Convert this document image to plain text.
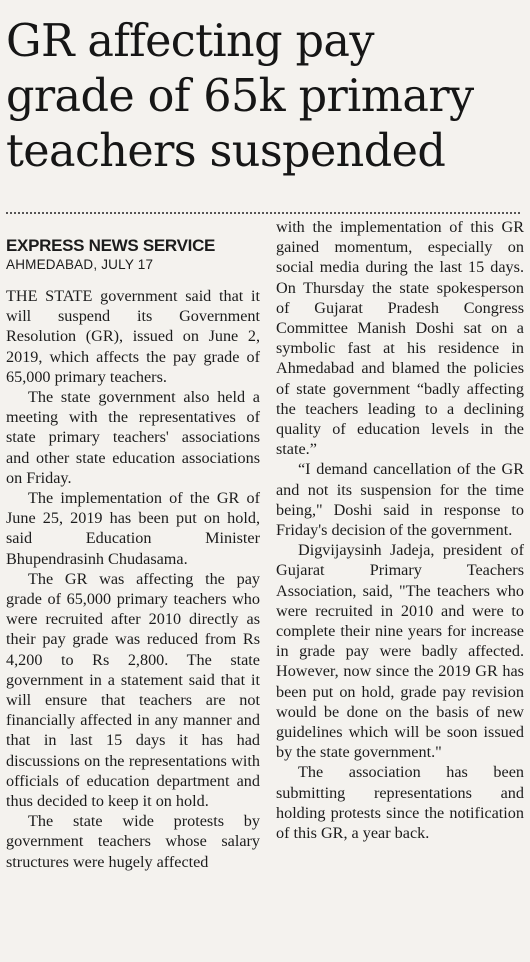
GR affecting pay
grade of 65k primary
teachers suspended
EXPRESS NEWS SERVICE
AHMEDABAD, JULY 17

THE STATE government said that it will suspend its Government Resolution (GR), issued on June 2, 2019, which affects the pay grade of 65,000 primary teachers.

The state government also held a meeting with the representatives of state primary teachers' associations and other state education associations on Friday.

The implementation of the GR of June 25, 2019 has been put on hold, said Education Minister Bhupendrasinh Chudasama.

The GR was affecting the pay grade of 65,000 primary teachers who were recruited after 2010 directly as their pay grade was reduced from Rs 4,200 to Rs 2,800. The state government in a statement said that it will ensure that teachers are not financially affected in any manner and that in last 15 days it has had discussions on the representations with officials of education department and thus decided to keep it on hold.

The state wide protests by government teachers whose salary structures were hugely affected

with the implementation of this GR gained momentum, especially on social media during the last 15 days. On Thursday the state spokesperson of Gujarat Pradesh Congress Committee Manish Doshi sat on a symbolic fast at his residence in Ahmedabad and blamed the policies of state government “badly affecting the teachers leading to a declining quality of education levels in the state.”

“I demand cancellation of the GR and not its suspension for the time being," Doshi said in response to Friday's decision of the government.

Digvijaysinh Jadeja, president of Gujarat Primary Teachers Association, said, "The teachers who were recruited in 2010 and were to complete their nine years for increase in grade pay were badly affected. However, now since the 2019 GR has been put on hold, grade pay revision would be done on the basis of new guidelines which will be soon issued by the state government."

The association has been submitting representations and holding protests since the notification of this GR, a year back.
